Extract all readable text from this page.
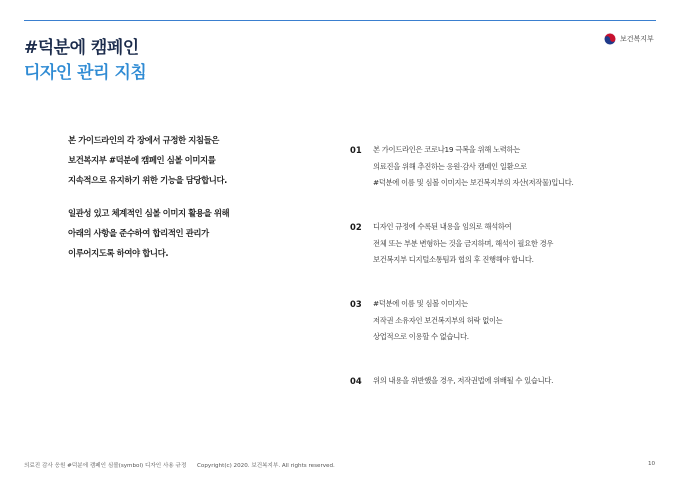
#덕분에 캠페인
디자인 관리 지침
보건복지부

본 가이드라인의 각 장에서 규정한 지침들은

보건복지부 #덕분에 캠페인 심볼 이미지를

지속적으로 유지하기 위한 기능을 담당합니다.

일관성 있고 체계적인 심볼 이미지 활용을 위해

아래의 사항을 준수하여 합리적인 관리가

이루어지도록 하여야 합니다.

01	본 가이드라인은 코로나19 극복을 위해 노력하는

의료진을 위해 추진하는 응원·감사 캠페인 일환으로

#덕분에 이름 및 심볼 이미지는 보건복지부의 자산(저작물)입니다.

02	디자인 규정에 수록된 내용을 임의로 해석하여

전체 또는 부분 변형하는 것을 금지하며, 해석이 필요한 경우

보건복지부 디지털소통팀과 협의 후 진행해야 합니다.

03	#덕분에 이름 및 심볼 이미지는

저작권 소유자인 보건복지부의 허락 없이는

상업적으로 이용할 수 없습니다.

04	위의 내용을 위반했을 경우, 저작권법에 위배될 수 있습니다.

의료진 감사 응원 #덕분에 캠페인 심볼(symbol) 디자인 사용 규정 Copyright(c) 2020. 보건복지부. All rights reserved.	10
